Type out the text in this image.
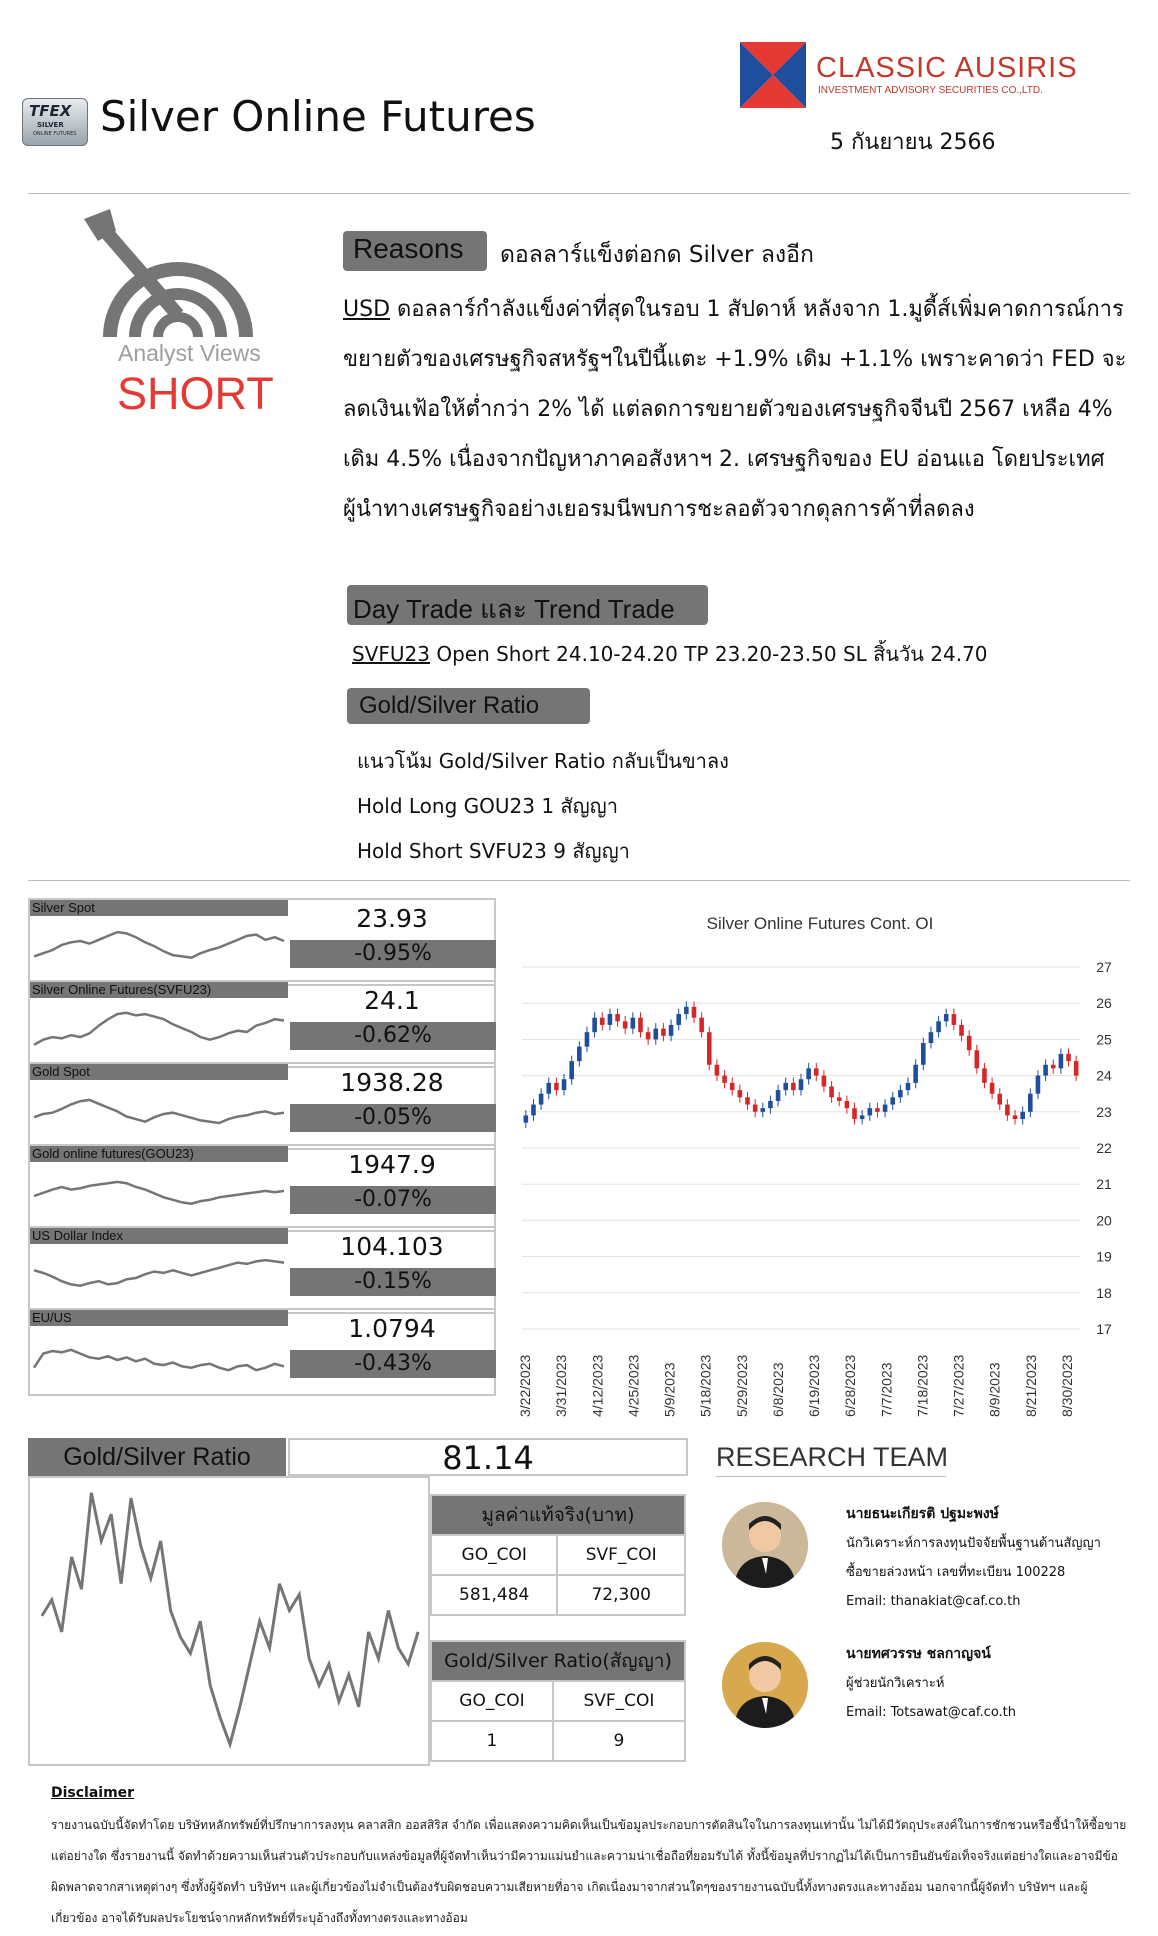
TFEX
SILVER
ONLINE FUTURES Silver Online Futures
CLASSIC AUSIRIS
INVESTMENT ADVISORY SECURITIES CO.,LTD.
5 กันยายน 2566
Analyst Views
SHORT
Reasons	ดอลลาร์แข็งต่อกด Silver ลงอีก
USD ดอลลาร์กำลังแข็งค่าที่สุดในรอบ 1 สัปดาห์ หลังจาก 1.มูดี้ส์เพิ่มคาดการณ์การขยายตัวของเศรษฐกิจสหรัฐฯในปีนี้แตะ +1.9% เดิม +1.1% เพราะคาดว่า FED จะลดเงินเฟ้อให้ต่ำกว่า 2% ได้ แต่ลดการขยายตัวของเศรษฐกิจจีนปี 2567 เหลือ 4% เดิม 4.5% เนื่องจากปัญหาภาคอสังหาฯ 2. เศรษฐกิจของ EU อ่อนแอ โดยประเทศผู้นำทางเศรษฐกิจอย่างเยอรมนีพบการชะลอตัวจากดุลการค้าที่ลดลง
Day Trade และ Trend Trade
SVFU23 Open Short 24.10-24.20 TP 23.20-23.50 SL สิ้นวัน 24.70
Gold/Silver Ratio
แนวโน้ม Gold/Silver Ratio กลับเป็นขาลง
Hold Long GOU23 1 สัญญา
Hold Short SVFU23 9 สัญญา
Silver Spot	23.93
-0.95%
Silver Online Futures(SVFU23)	24.1
-0.62%
Gold Spot	1938.28
-0.05%
Gold online futures(GOU23)	1947.9
-0.07%
US Dollar Index	104.103
-0.15%
EU/US	1.0794
-0.43%
Silver Online Futures Cont. OI
27
26
25
24
23
22
21
20
19
18
17
3/22/2023 3/31/2023 4/12/2023 4/25/2023 5/9/2023 5/18/2023 5/29/2023 6/8/2023 6/19/2023 6/28/2023 7/7/2023 7/18/2023 7/27/2023 8/9/2023 8/21/2023 8/30/2023
Gold/Silver Ratio	81.14
มูลค่าแท้จริง(บาท)	
GO_COI	SVF_COI
581,484	72,300
Gold/Silver Ratio(สัญญา)	
GO_COI	SVF_COI
1	9
RESEARCH TEAM
นายธนะเกียรติ ปฐมะพงษ์
นักวิเคราะห์การลงทุนปัจจัยพื้นฐานด้านสัญญา
ซื้อขายล่วงหน้า เลขที่ทะเบียน 100228
Email: thanakiat@caf.co.th
นายทศวรรษ ชลกาญจน์
ผู้ช่วยนักวิเคราะห์
Email: Totsawat@caf.co.th
Disclaimer
รายงานฉบับนี้จัดทำโดย บริษัทหลักทรัพย์ที่ปรึกษาการลงทุน คลาสสิก ออสสิริส จำกัด เพื่อแสดงความคิดเห็นเป็นข้อมูลประกอบการตัดสินใจในการลงทุนเท่านั้น ไม่ได้มีวัตถุประสงค์ในการชักชวนหรือชี้นำให้ซื้อขายแต่อย่างใด ซึ่งรายงานนี้ จัดทำด้วยความเห็นส่วนตัวประกอบกับแหล่งข้อมูลที่ผู้จัดทำเห็นว่ามีความแม่นยำและความน่าเชื่อถือที่ยอมรับได้ ทั้งนี้ข้อมูลที่ปรากฏไม่ได้เป็นการยืนยันข้อเท็จจริงแต่อย่างใดและอาจมีข้อผิดพลาดจากสาเหตุต่างๆ ซึ่งทั้งผู้จัดทำ บริษัทฯ และผู้เกี่ยวข้องไม่จำเป็นต้องรับผิดชอบความเสียหายที่อาจ เกิดเนื่องมาจากส่วนใดๆของรายงานฉบับนี้ทั้งทางตรงและทางอ้อม นอกจากนี้ผู้จัดทำ บริษัทฯ และผู้เกี่ยวข้อง อาจได้รับผลประโยชน์จากหลักทรัพย์ที่ระบุอ้างถึงทั้งทางตรงและทางอ้อม
